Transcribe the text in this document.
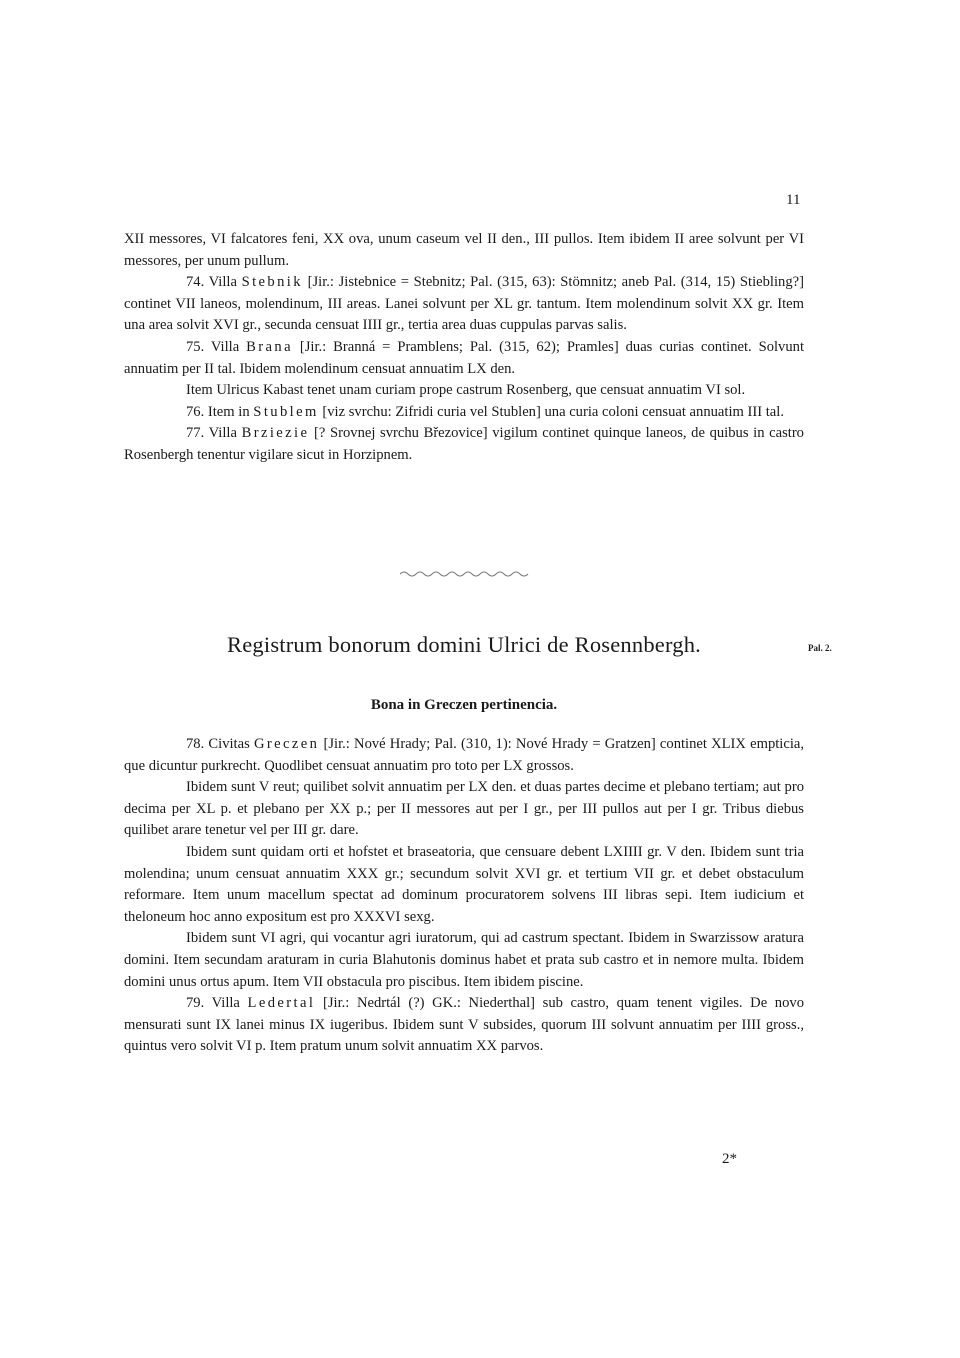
11

XII messores, VI falcatores feni, XX ova, unum caseum vel II den., III pullos. Item ibidem II aree solvunt per VI messores, per unum pullum.

74. Villa Stebnik [Jir.: Jistebnice = Stebnitz; Pal. (315, 63): Stömnitz; aneb Pal. (314, 15) Stiebling?] continet VII laneos, molendinum, III areas. Lanei solvunt per XL gr. tantum. Item molendinum solvit XX gr. Item una area solvit XVI gr., secunda censuat IIII gr., tertia area duas cuppulas parvas salis.

75. Villa Brana [Jir.: Branná = Pramblens; Pal. (315, 62); Pramles] duas curias continet. Solvunt annuatim per II tal. Ibidem molendinum censuat annuatim LX den.

Item Ulricus Kabast tenet unam curiam prope castrum Rosenberg, que censuat annuatim VI sol.

76. Item in Stublem [viz svrchu: Zifridi curia vel Stublen] una curia coloni censuat annuatim III tal.

77. Villa Brziezie [? Srovnej svrchu Březovice] vigilum continet quinque laneos, de quibus in castro Rosenbergh tenentur vigilare sicut in Horzipnem.

Registrum bonorum domini Ulrici de Rosennbergh.	Pal. 2.
Bona in Greczen pertinencia.

78. Civitas Greczen [Jir.: Nové Hrady; Pal. (310, 1): Nové Hrady = Gratzen] continet XLIX empticia, que dicuntur purkrecht. Quodlibet censuat annuatim pro toto per LX grossos.

Ibidem sunt V reut; quilibet solvit annuatim per LX den. et duas partes decime et plebano tertiam; aut pro decima per XL p. et plebano per XX p.; per II messores aut per I gr., per III pullos aut per I gr. Tribus diebus quilibet arare tenetur vel per III gr. dare.

Ibidem sunt quidam orti et hofstet et braseatoria, que censuare debent LXIIII gr. V den. Ibidem sunt tria molendina; unum censuat annuatim XXX gr.; secundum solvit XVI gr. et tertium VII gr. et debet obstaculum reformare. Item unum macellum spectat ad dominum procuratorem solvens III libras sepi. Item iudicium et theloneum hoc anno expositum est pro XXXVI sexg.

Ibidem sunt VI agri, qui vocantur agri iuratorum, qui ad castrum spectant. Ibidem in Swarzissow aratura domini. Item secundam araturam in curia Blahutonis dominus habet et prata sub castro et in nemore multa. Ibidem domini unus ortus apum. Item VII obstacula pro piscibus. Item ibidem piscine.

79. Villa Ledertal [Jir.: Nedrtál (?) GK.: Niederthal] sub castro, quam tenent vigiles. De novo mensurati sunt IX lanei minus IX iugeribus. Ibidem sunt V subsides, quorum III solvunt annuatim per IIII gross., quintus vero solvit VI p. Item pratum unum solvit annuatim XX parvos.

2*
